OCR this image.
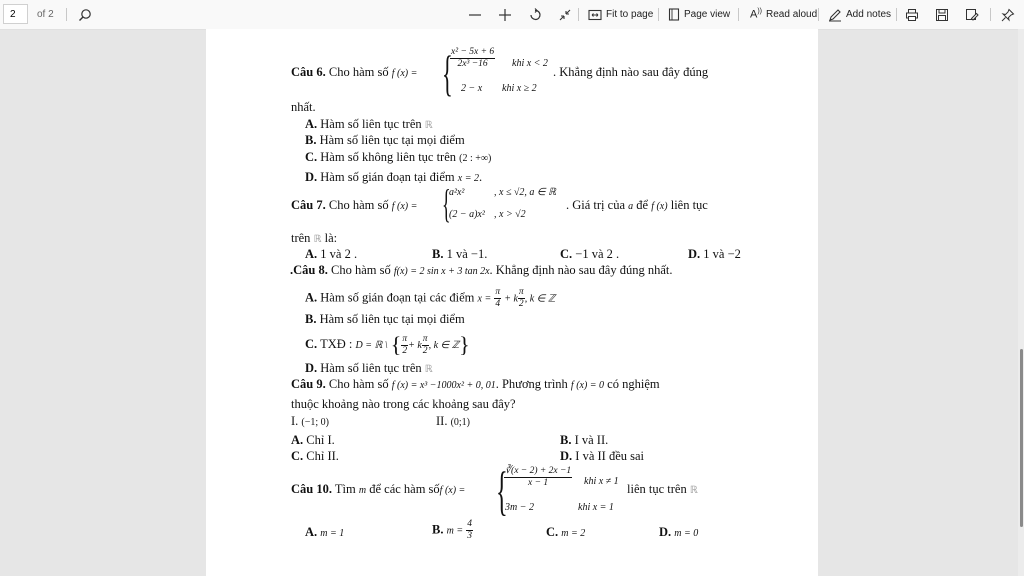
2 of 2	Fit to page	Page view A)) Read aloud	Add notes
Câu 6. Cho hàm số f (x) = {
$\frac{\text{x² − 5x + 6}}{\text{2x³ −16}}$ khi x < 2
2 − x khi x ≥ 2
. Khẳng định nào sau đây đúng
nhất.
A. Hàm số liên tục trên ℝ
B. Hàm số liên tục tại mọi điểm
C. Hàm số không liên tục trên (2 : +∞)
D. Hàm số gián đoạn tại điểm x = 2.
Câu 7. Cho hàm số f (x) = {
a²x²	, x ≤ √2, a ∈ ℝ
(2 − a)x² , x > √2
. Giá trị của a để f (x) liên tục
trên ℝ là:
A. 1 và 2 .	B. 1 và −1.	C. −1 và 2 .	D. 1 và −2
.Câu 8. Cho hàm số f(x) = 2 sin x + 3 tan 2x. Khẳng định nào sau đây đúng nhất.
A. Hàm số gián đoạn tại các điểm $x = \frac{\pi}{4} + k \frac{\pi}{2}$ , k ∈ ℤ
B. Hàm số liên tục tại mọi điểm
C. TXĐ : D = ℝ \ { $\frac{\pi}{2} + k \frac{\pi}{2}$ , k ∈ ℤ}
D. Hàm số liên tục trên ℝ
Câu 9. Cho hàm số f (x) = x³ −1000x² + 0, 01. Phương trình f (x) = 0 có nghiệm
thuộc khoảng nào trong các khoảng sau đây?
I. (−1; 0)	II. (0;1)
A. Chỉ I.	B. I và II.
C. Chỉ II.	D. I và II đều sai
Câu 10. Tìm m để các hàm sốf (x) = {
$\frac{∛(x - 2) + 2x -1}{x - 1}$ khi x ≠ 1
3m − 2	khi x = 1
liên tục trên ℝ
A. m = 1	B. $m = \frac{4}{3}$	C. m = 2	D. m = 0
